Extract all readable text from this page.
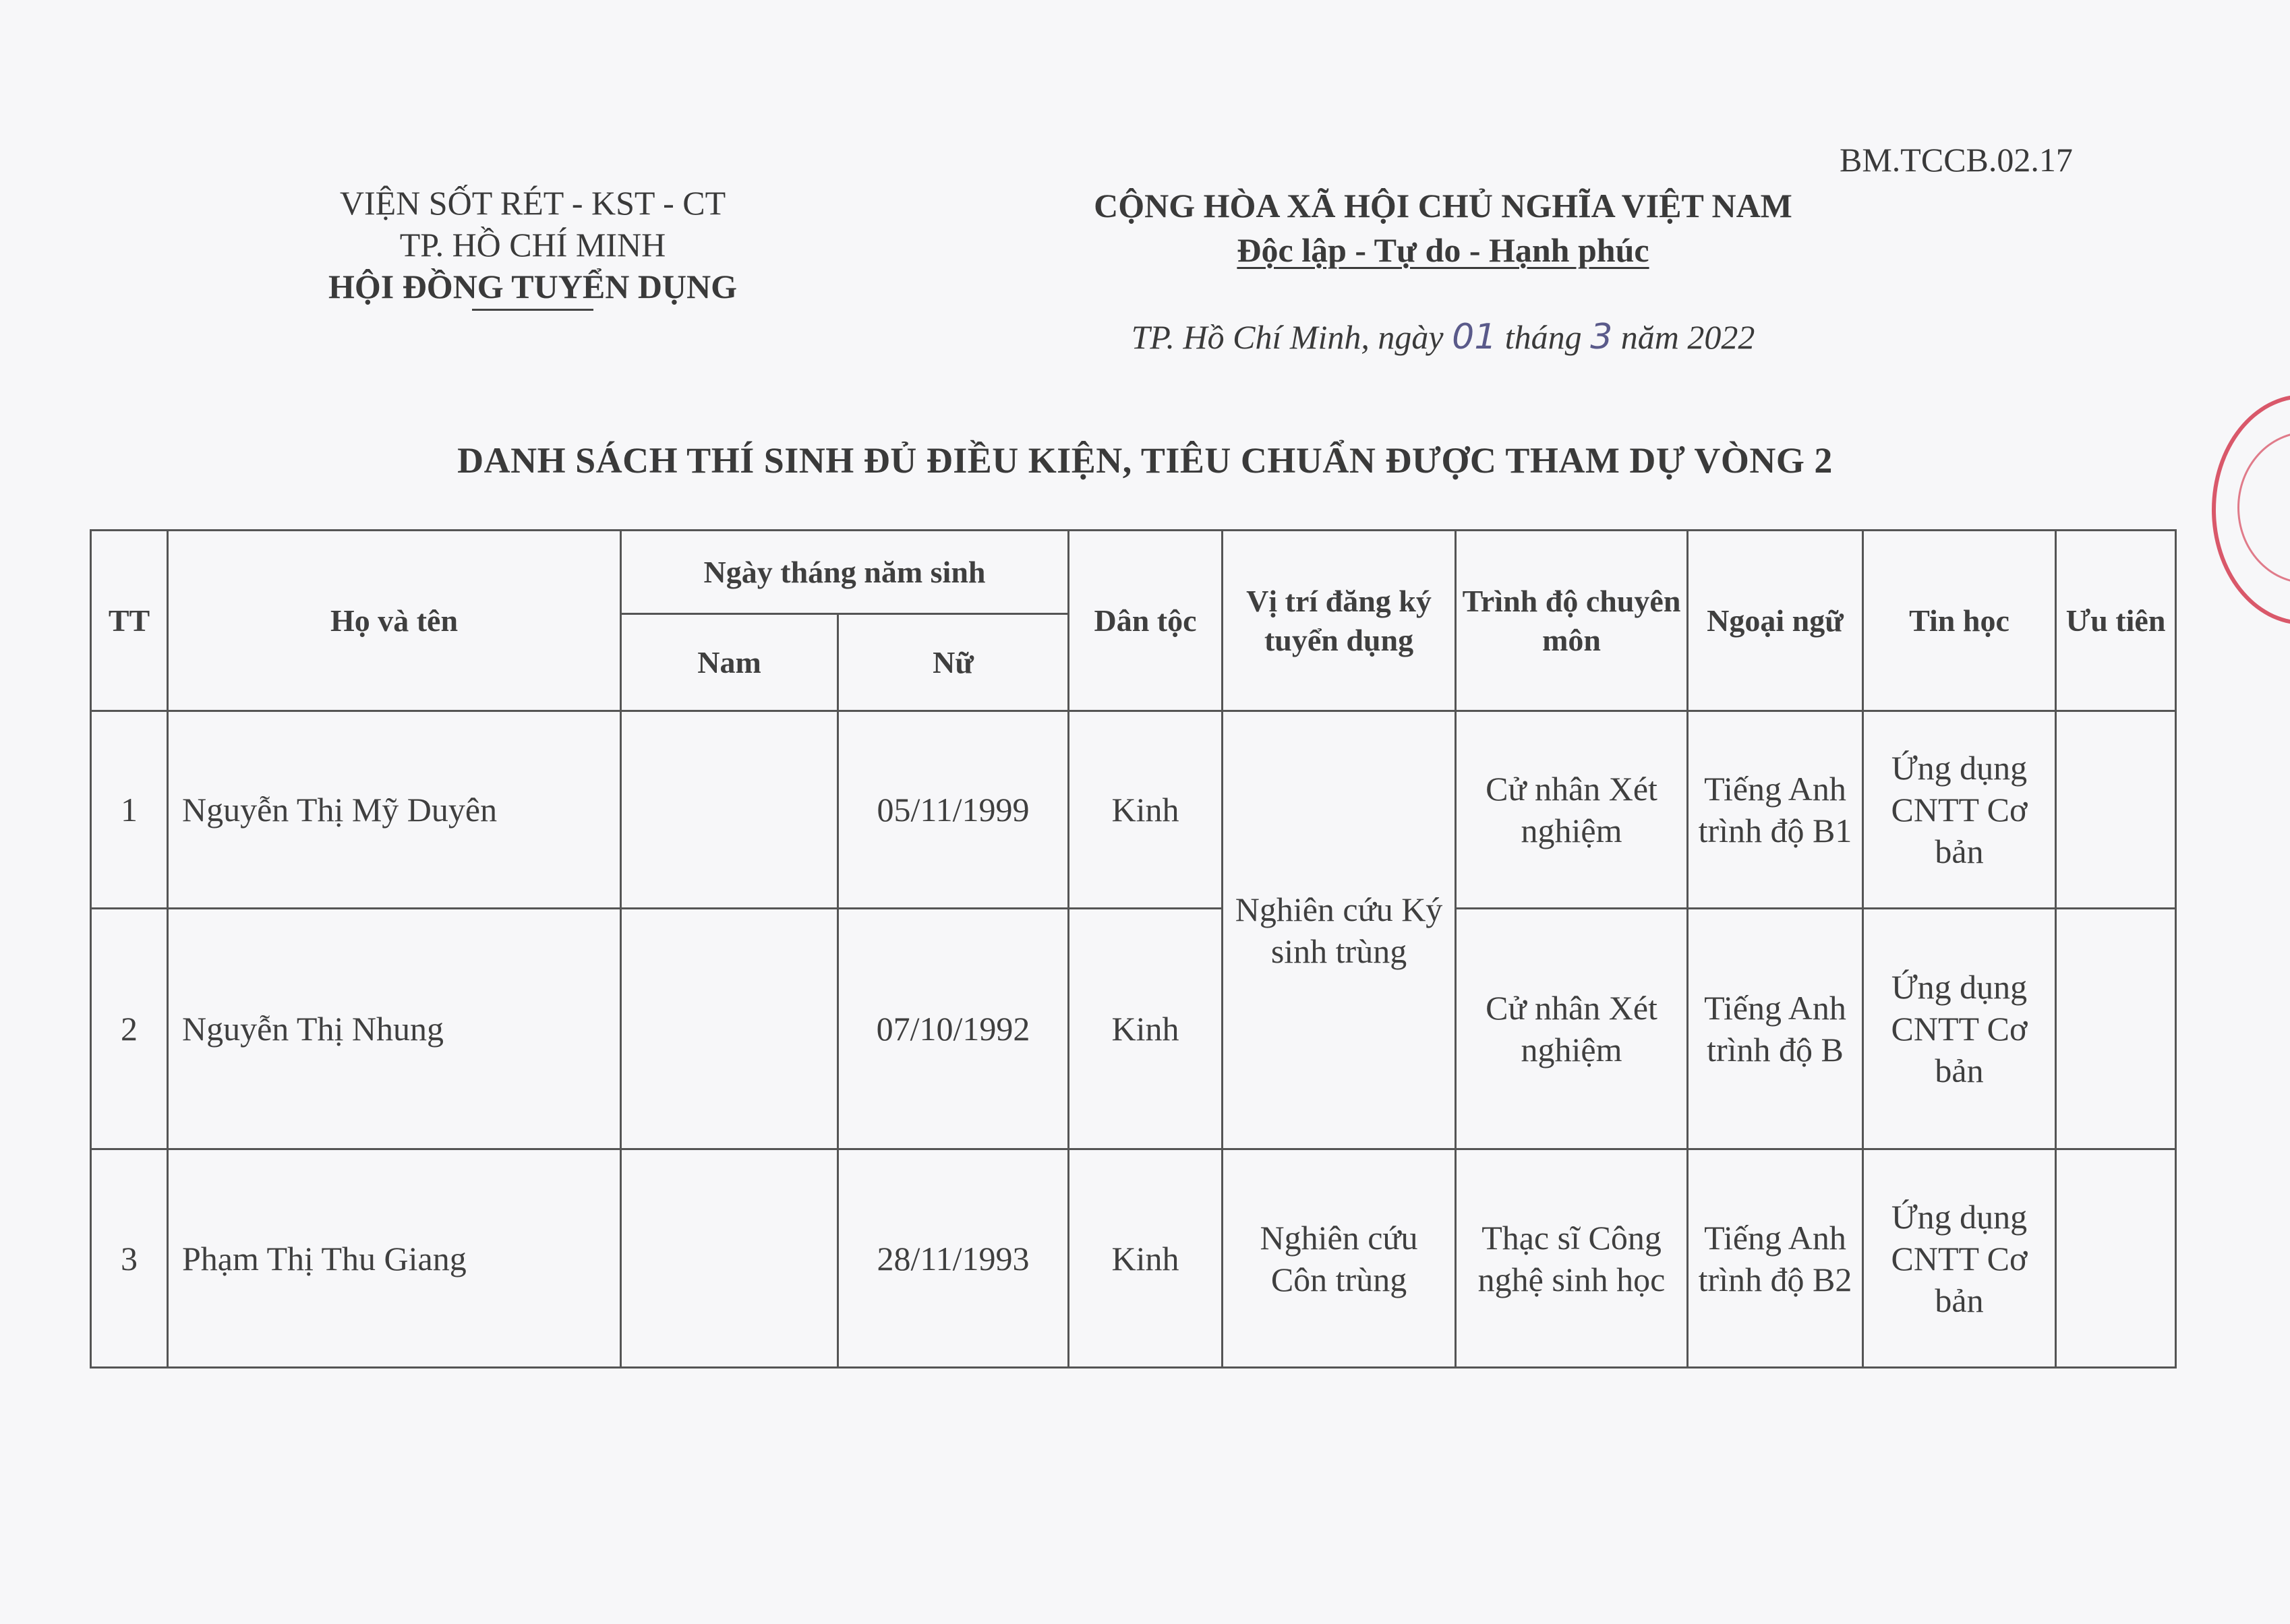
BM.TCCB.02.17
VIỆN SỐT RÉT - KST - CT
TP. HỒ CHÍ MINH
HỘI ĐỒNG TUYỂN DỤNG
CỘNG HÒA XÃ HỘI CHỦ NGHĨA VIỆT NAM
Độc lập - Tự do - Hạnh phúc
TP. Hồ Chí Minh, ngày 01 tháng 3 năm 2022
DANH SÁCH THÍ SINH ĐỦ ĐIỀU KIỆN, TIÊU CHUẨN ĐƯỢC THAM DỰ VÒNG 2
TT	Họ và tên	Ngày tháng năm sinh		Dân tộc	Vị trí đăng ký tuyển dụng	Trình độ chuyên môn	Ngoại ngữ	Tin học	Ưu tiên
		Nam	Nữ						
1	Nguyễn Thị Mỹ Duyên		05/11/1999	Kinh	Nghiên cứu Ký sinh trùng	Cử nhân Xét nghiệm	Tiếng Anh trình độ B1	Ứng dụng CNTT Cơ bản	
2	Nguyễn Thị Nhung		07/10/1992	Kinh		Cử nhân Xét nghiệm	Tiếng Anh trình độ B	Ứng dụng CNTT Cơ bản	
3	Phạm Thị Thu Giang		28/11/1993	Kinh	Nghiên cứu Côn trùng	Thạc sĩ Công nghệ sinh học	Tiếng Anh trình độ B2	Ứng dụng CNTT Cơ bản	
